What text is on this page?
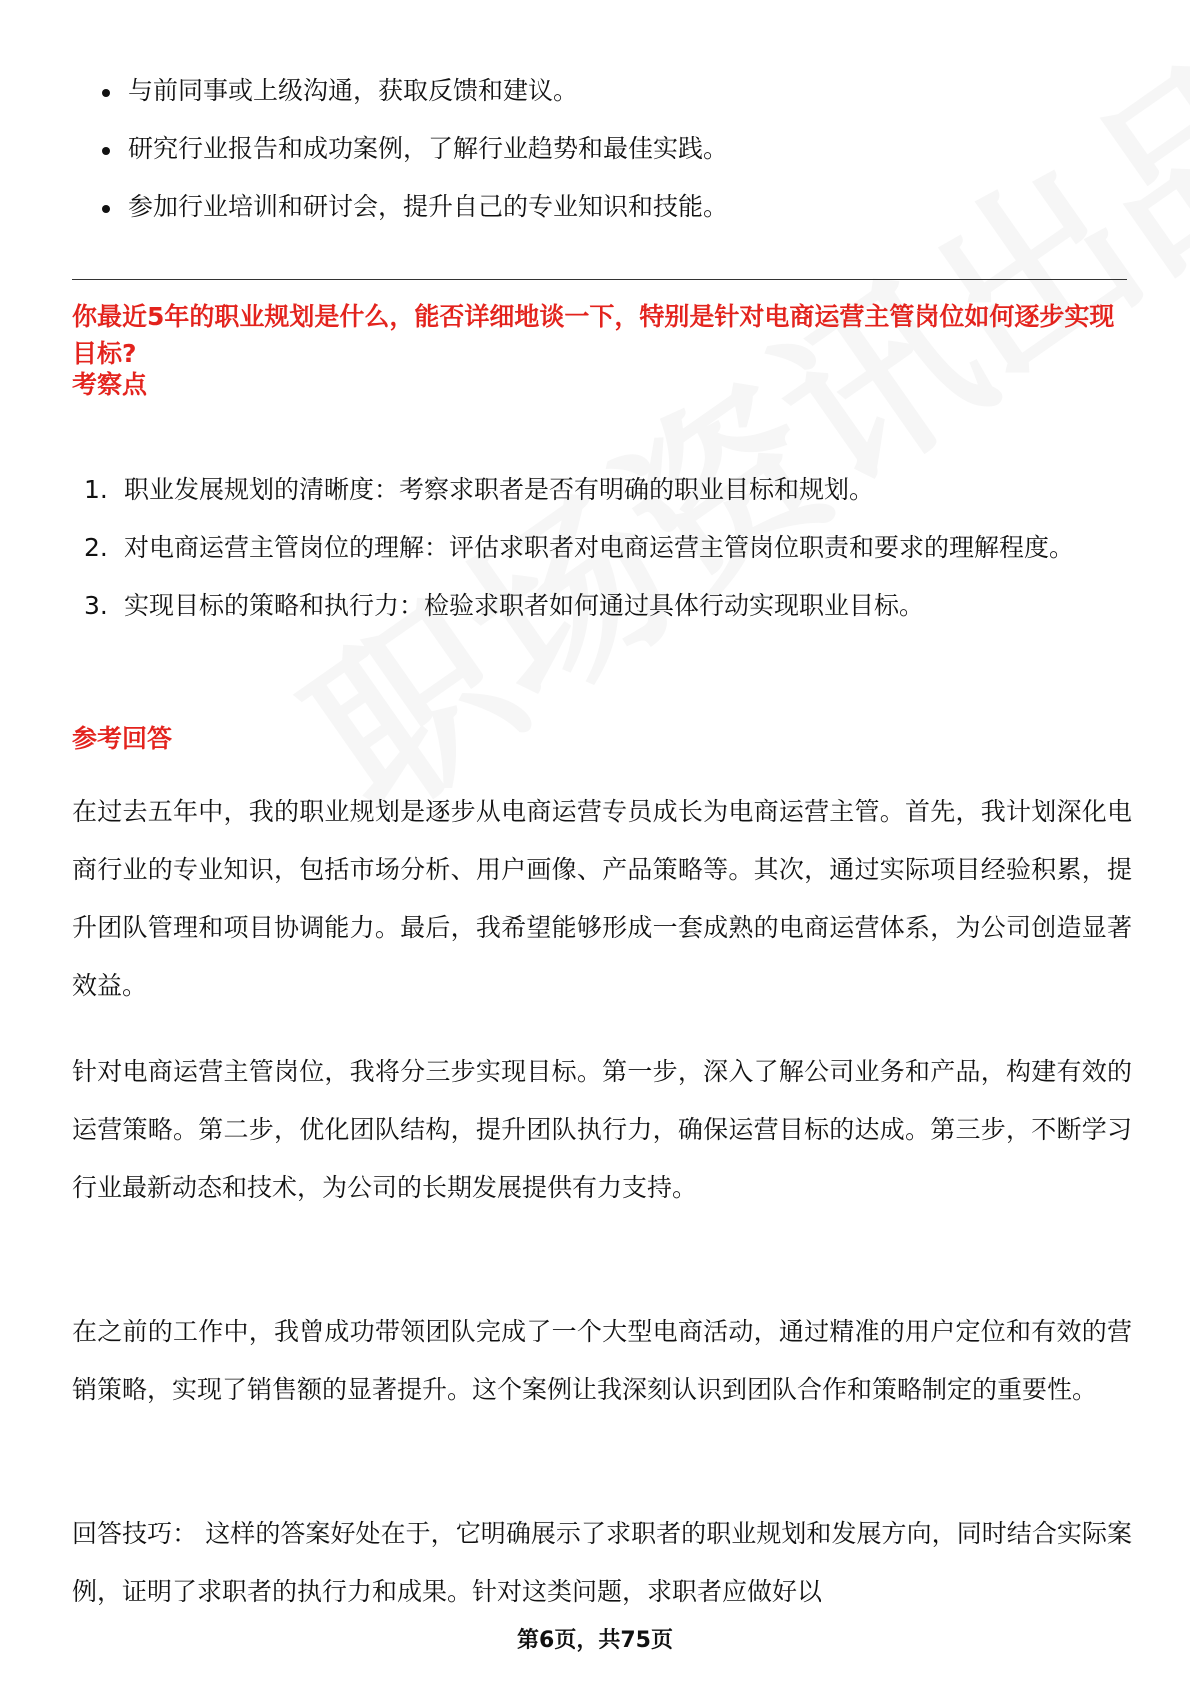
与前同事或上级沟通，获取反馈和建议。
研究行业报告和成功案例，了解行业趋势和最佳实践。
参加行业培训和研讨会，提升自己的专业知识和技能。

你最近5年的职业规划是什么，能否详细地谈一下，特别是针对电商运营主管岗位如何逐步实现目标?

考察点

1. 职业发展规划的清晰度：考察求职者是否有明确的职业目标和规划。
2. 对电商运营主管岗位的理解：评估求职者对电商运营主管岗位职责和要求的理解程度。
3. 实现目标的策略和执行力：检验求职者如何通过具体行动实现职业目标。

参考回答

在过去五年中，我的职业规划是逐步从电商运营专员成长为电商运营主管。首先，我计划深化电商行业的专业知识，包括市场分析、用户画像、产品策略等。其次，通过实际项目经验积累，提升团队管理和项目协调能力。最后，我希望能够形成一套成熟的电商运营体系，为公司创造显著效益。

针对电商运营主管岗位，我将分三步实现目标。第一步，深入了解公司业务和产品，构建有效的运营策略。第二步，优化团队结构，提升团队执行力，确保运营目标的达成。第三步，不断学习行业最新动态和技术，为公司的长期发展提供有力支持。

在之前的工作中，我曾成功带领团队完成了一个大型电商活动，通过精准的用户定位和有效的营销策略，实现了销售额的显著提升。这个案例让我深刻认识到团队合作和策略制定的重要性。

回答技巧： 这样的答案好处在于，它明确展示了求职者的职业规划和发展方向，同时结合实际案例，证明了求职者的执行力和成果。针对这类问题，求职者应做好以

第6页，共75页
